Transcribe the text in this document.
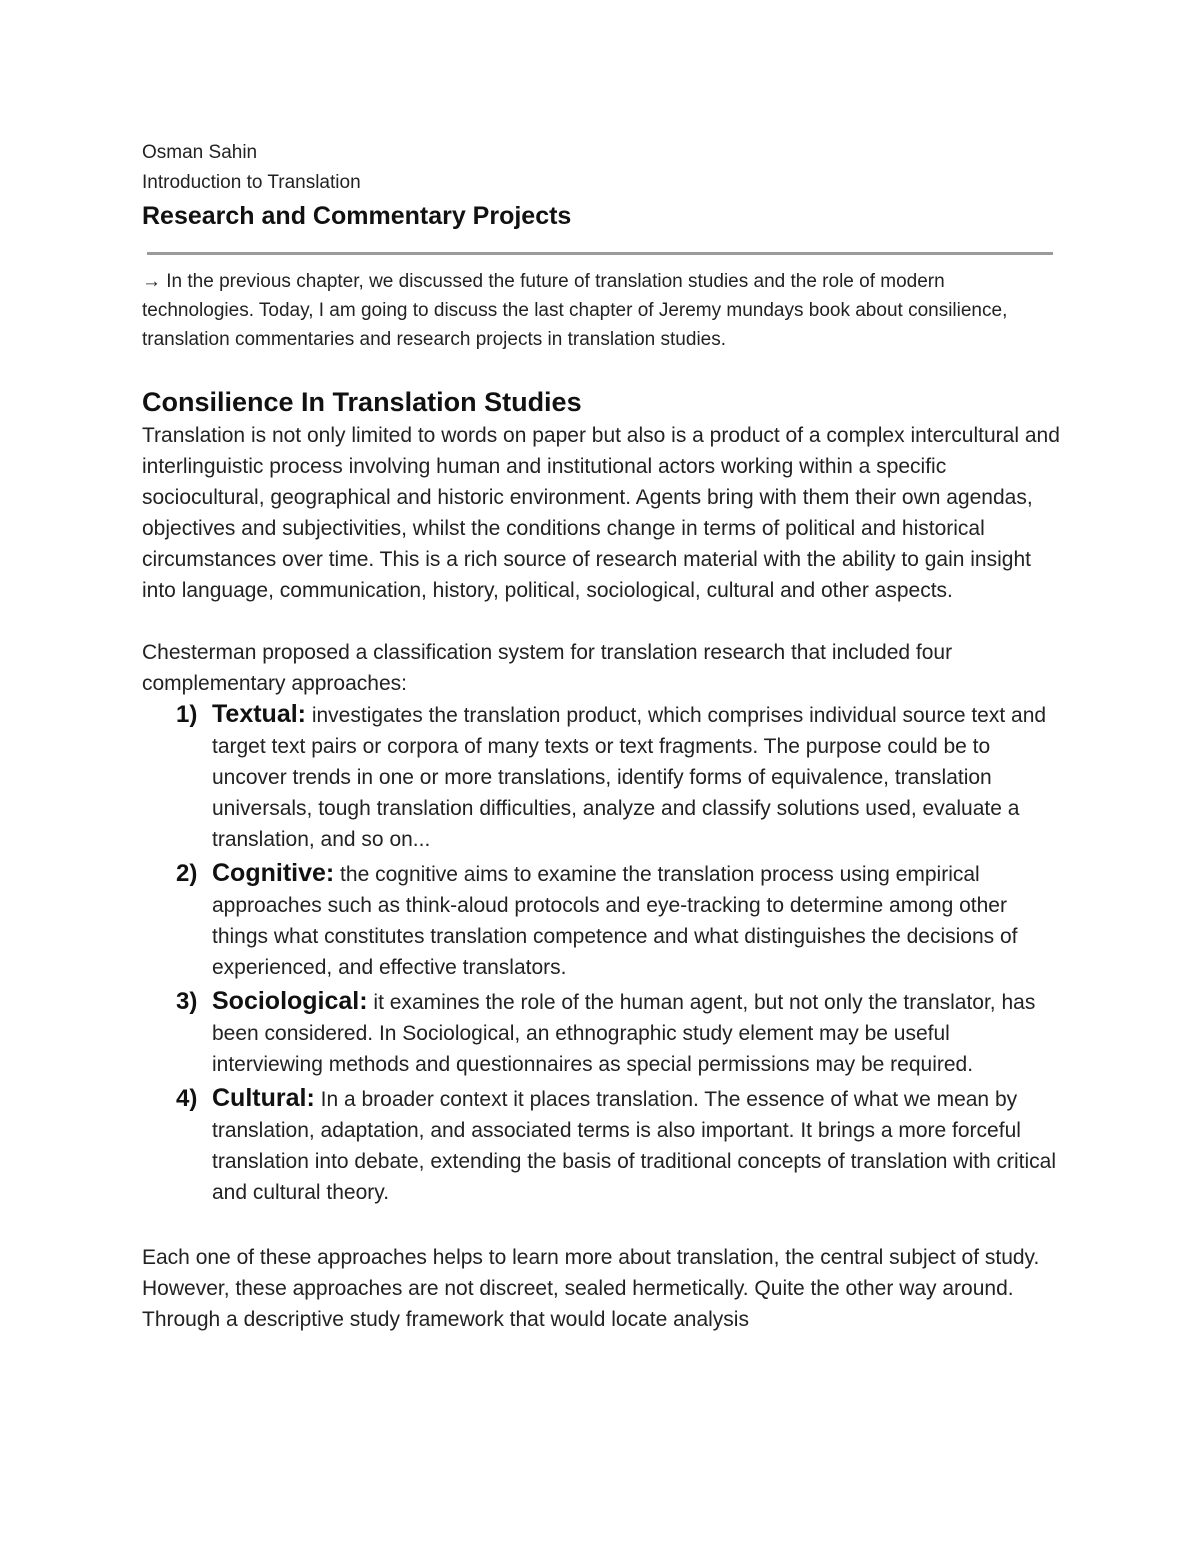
Osman Sahin

Introduction to Translation

Research and Commentary Projects

→ In the previous chapter, we discussed the future of translation studies and the role of modern technologies. Today, I am going to discuss the last chapter of Jeremy mundays book about consilience, translation commentaries and research projects in translation studies.

Consilience In Translation Studies

Translation is not only limited to words on paper but also is a product of a complex intercultural and interlinguistic process involving human and institutional actors working within a specific sociocultural, geographical and historic environment. Agents bring with them their own agendas, objectives and subjectivities, whilst the conditions change in terms of political and historical circumstances over time. This is a rich source of research material with the ability to gain insight into language, communication, history, political, sociological, cultural and other aspects.

Chesterman proposed a classification system for translation research that included four complementary approaches:

1) Textual: investigates the translation product, which comprises individual source text and target text pairs or corpora of many texts or text fragments. The purpose could be to uncover trends in one or more translations, identify forms of equivalence, translation universals, tough translation difficulties, analyze and classify solutions used, evaluate a translation, and so on...
2) Cognitive: the cognitive aims to examine the translation process using empirical approaches such as think-aloud protocols and eye-tracking to determine among other things what constitutes translation competence and what distinguishes the decisions of experienced, and effective translators.
3) Sociological: it examines the role of the human agent, but not only the translator, has been considered. In Sociological, an ethnographic study element may be useful interviewing methods and questionnaires as special permissions may be required.
4) Cultural: In a broader context it places translation. The essence of what we mean by translation, adaptation, and associated terms is also important. It brings a more forceful translation into debate, extending the basis of traditional concepts of translation with critical and cultural theory.

Each one of these approaches helps to learn more about translation, the central subject of study. However, these approaches are not discreet, sealed hermetically. Quite the other way around. Through a descriptive study framework that would locate analysis
